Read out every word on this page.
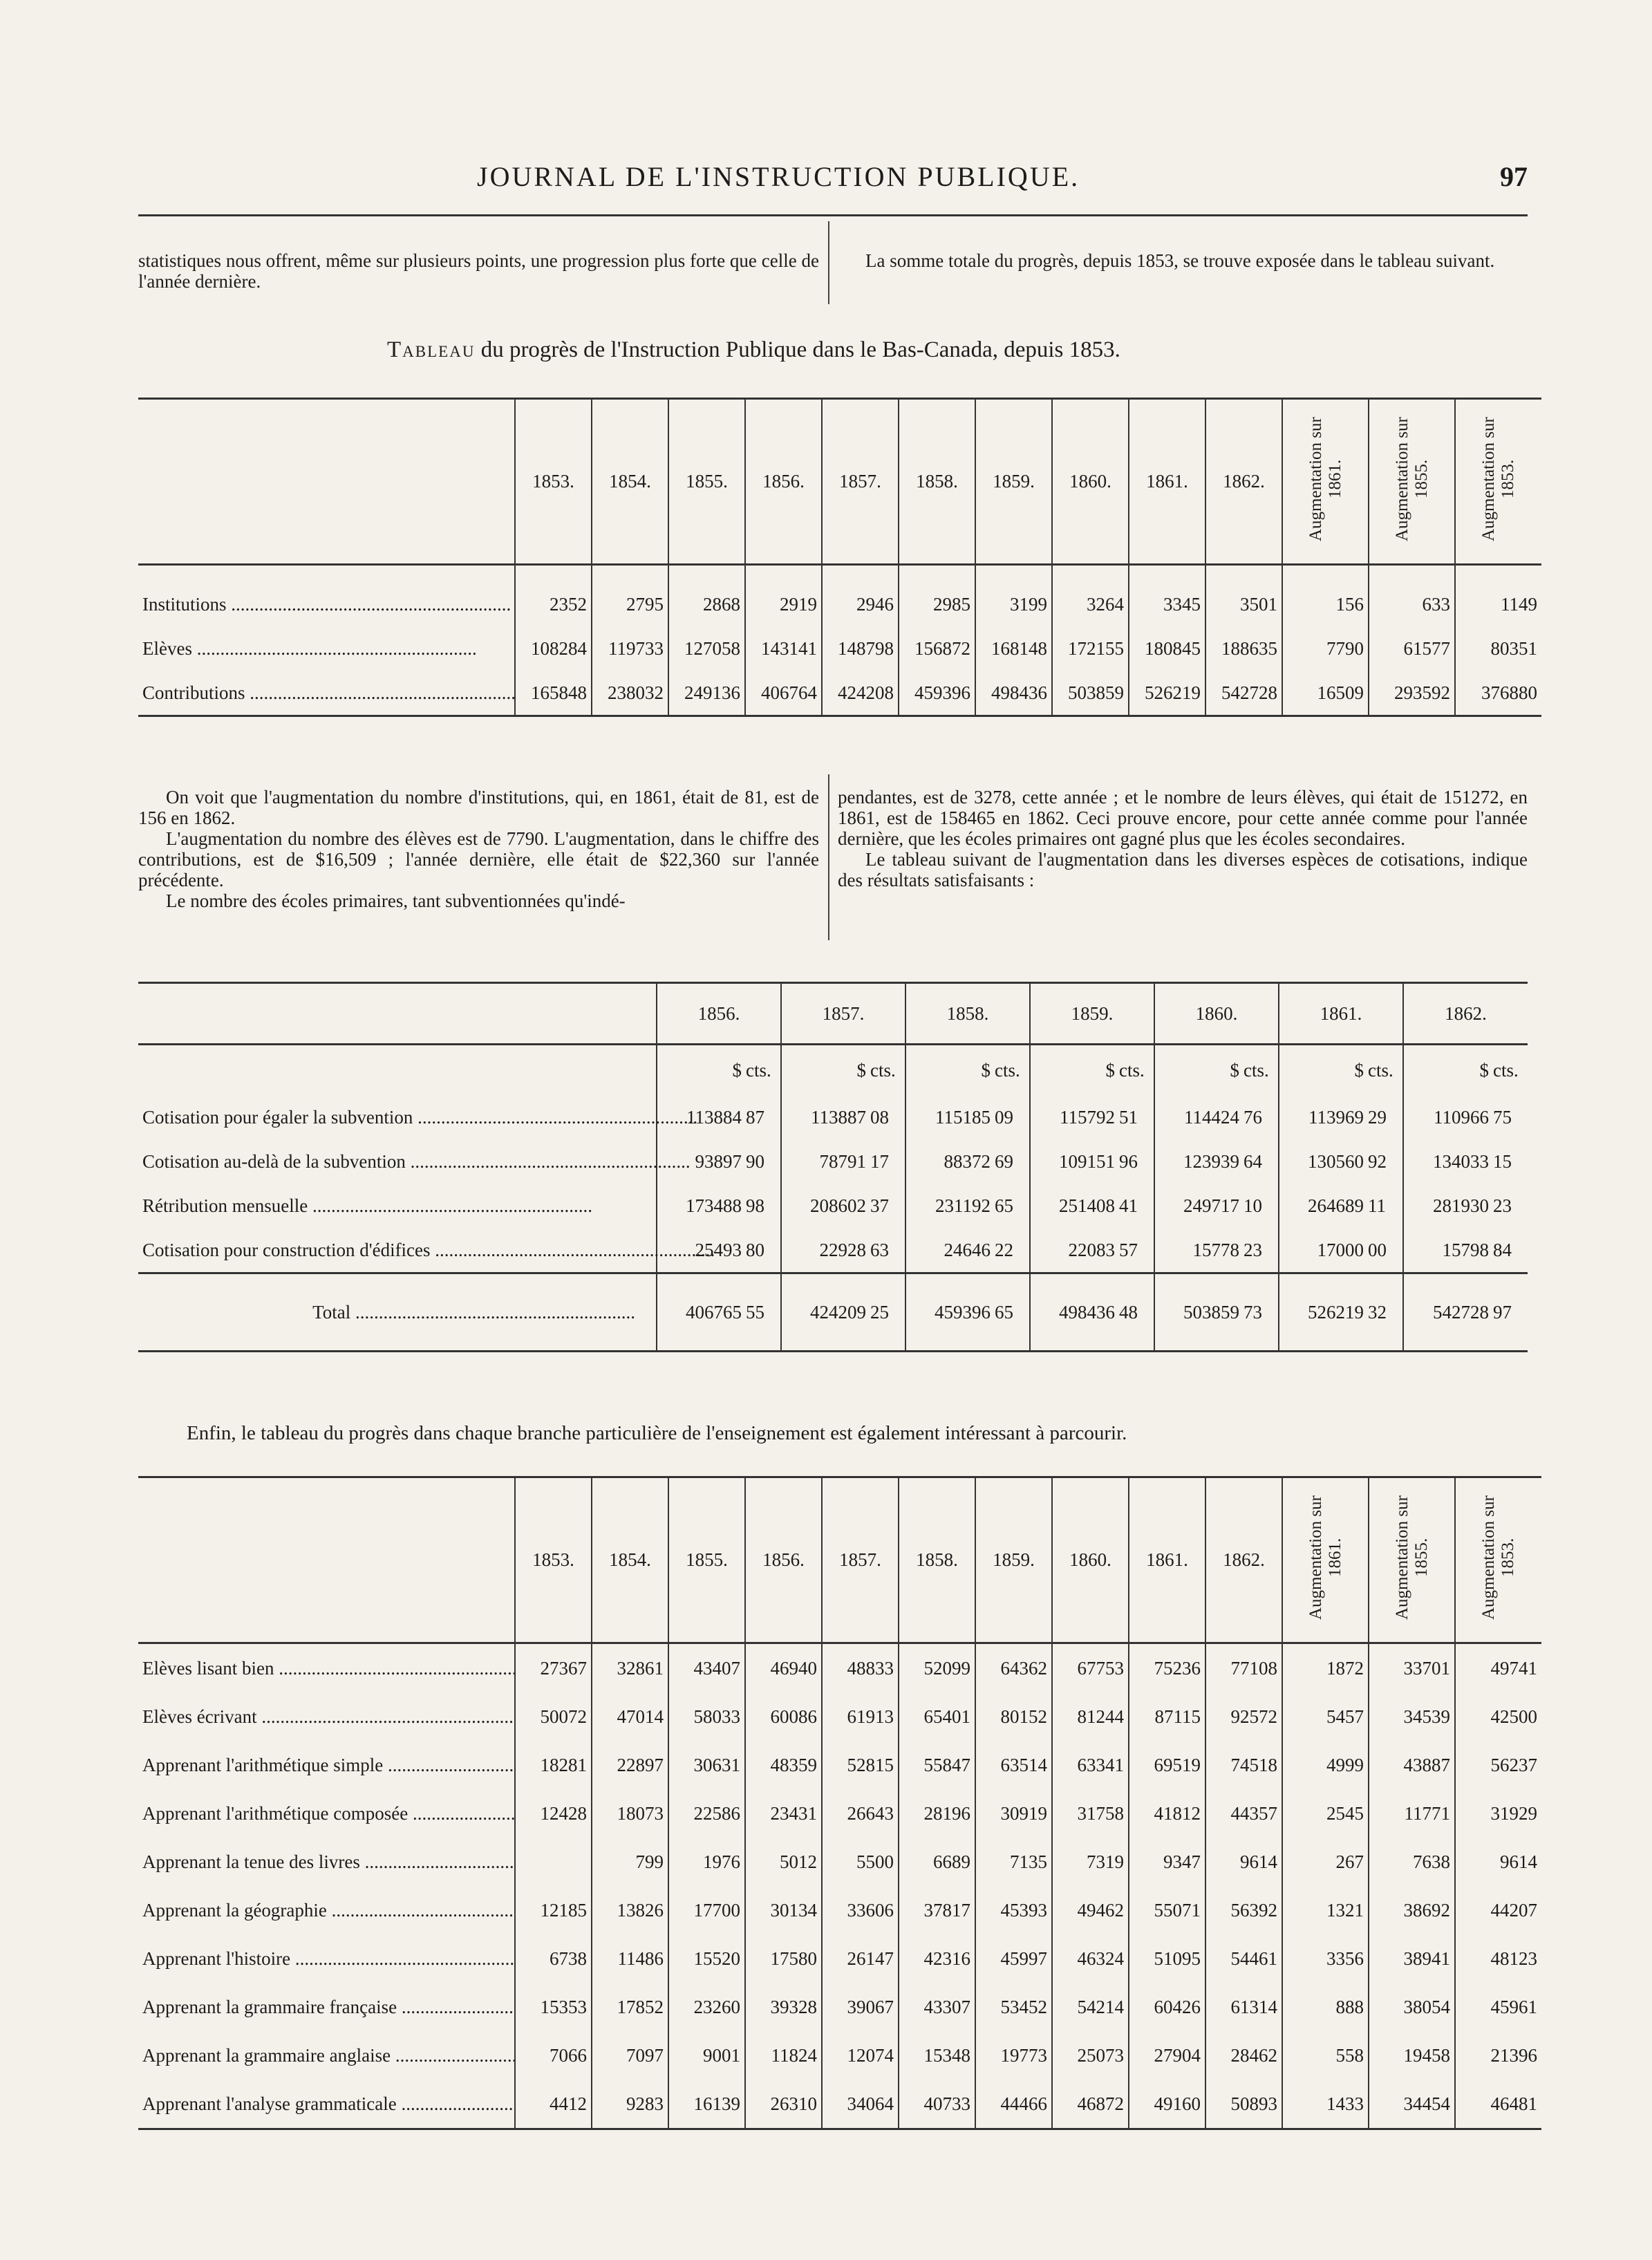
JOURNAL DE L'INSTRUCTION PUBLIQUE.	97
statistiques nous offrent, même sur plusieurs points, une progression plus forte que celle de l'année dernière.

La somme totale du progrès, depuis 1853, se trouve exposée dans le tableau suivant.

Tableau du progrès de l'Instruction Publique dans le Bas-Canada, depuis 1853.
	1853.	1854.	1855.	1856.	1857.	1858.	1859.	1860.	1861.	1862.	Augmentation sur 1861.	Augmentation sur 1855.	Augmentation sur 1853.
Institutions .....	2352	2795	2868	2919	2946	2985	3199	3264	3345	3501	156	633	1149
Elèves .....	108284	119733	127058	143141	148798	156872	168148	172155	180845	188635	7790	61577	80351
Contributions .....	165848	238032	249136	406764	424208	459396	498436	503859	526219	542728	16509	293592	376880

On voit que l'augmentation du nombre d'institutions, qui, en 1861, était de 81, est de 156 en 1862.

L'augmentation du nombre des élèves est de 7790. L'augmentation, dans le chiffre des contributions, est de $16,509 ; l'année dernière, elle était de $22,360 sur l'année précédente.

Le nombre des écoles primaires, tant subventionnées qu'indé-

pendantes, est de 3278, cette année ; et le nombre de leurs élèves, qui était de 151272, en 1861, est de 158465 en 1862. Ceci prouve encore, pour cette année comme pour l'année dernière, que les écoles primaires ont gagné plus que les écoles secondaires.

Le tableau suivant de l'augmentation dans les diverses espèces de cotisations, indique des résultats satisfaisants :

	1856.	1857.	1858.	1859.	1860.	1861.	1862.
	$ cts.	$ cts.	$ cts.	$ cts.	$ cts.	$ cts.	$ cts.
Cotisation pour égaler la subvention .....	113884 87	113887 08	115185 09	115792 51	114424 76	113969 29	110966 75
Cotisation au-delà de la subvention .....	93897 90	78791 17	88372 69	109151 96	123939 64	130560 92	134033 15
Rétribution mensuelle .....	173488 98	208602 37	231192 65	251408 41	249717 10	264689 11	281930 23
Cotisation pour construction d'édifices .....	25493 80	22928 63	24646 22	22083 57	15778 23	17000 00	15798 84
Total .....	406765 55	424209 25	459396 65	498436 48	503859 73	526219 32	542728 97
Enfin, le tableau du progrès dans chaque branche particulière de l'enseignement est également intéressant à parcourir.
	1853.	1854.	1855.	1856.	1857.	1858.	1859.	1860.	1861.	1862.	Augmentation sur 1861.	Augmentation sur 1855.	Augmentation sur 1853.
Elèves lisant bien .....	27367	32861	43407	46940	48833	52099	64362	67753	75236	77108	1872	33701	49741
Elèves écrivant .....	50072	47014	58033	60086	61913	65401	80152	81244	87115	92572	5457	34539	42500
Apprenant l'arithmétique simple .....	18281	22897	30631	48359	52815	55847	63514	63341	69519	74518	4999	43887	56237
Apprenant l'arithmétique composée .....	12428	18073	22586	23431	26643	28196	30919	31758	41812	44357	2545	11771	31929
Apprenant la tenue des livres .....		799	1976	5012	5500	6689	7135	7319	9347	9614	267	7638	9614
Apprenant la géographie .....	12185	13826	17700	30134	33606	37817	45393	49462	55071	56392	1321	38692	44207
Apprenant l'histoire .....	6738	11486	15520	17580	26147	42316	45997	46324	51095	54461	3356	38941	48123
Apprenant la grammaire française .....	15353	17852	23260	39328	39067	43307	53452	54214	60426	61314	888	38054	45961
Apprenant la grammaire anglaise .....	7066	7097	9001	11824	12074	15348	19773	25073	27904	28462	558	19458	21396
Apprenant l'analyse grammaticale .....	4412	9283	16139	26310	34064	40733	44466	46872	49160	50893	1433	34454	46481
